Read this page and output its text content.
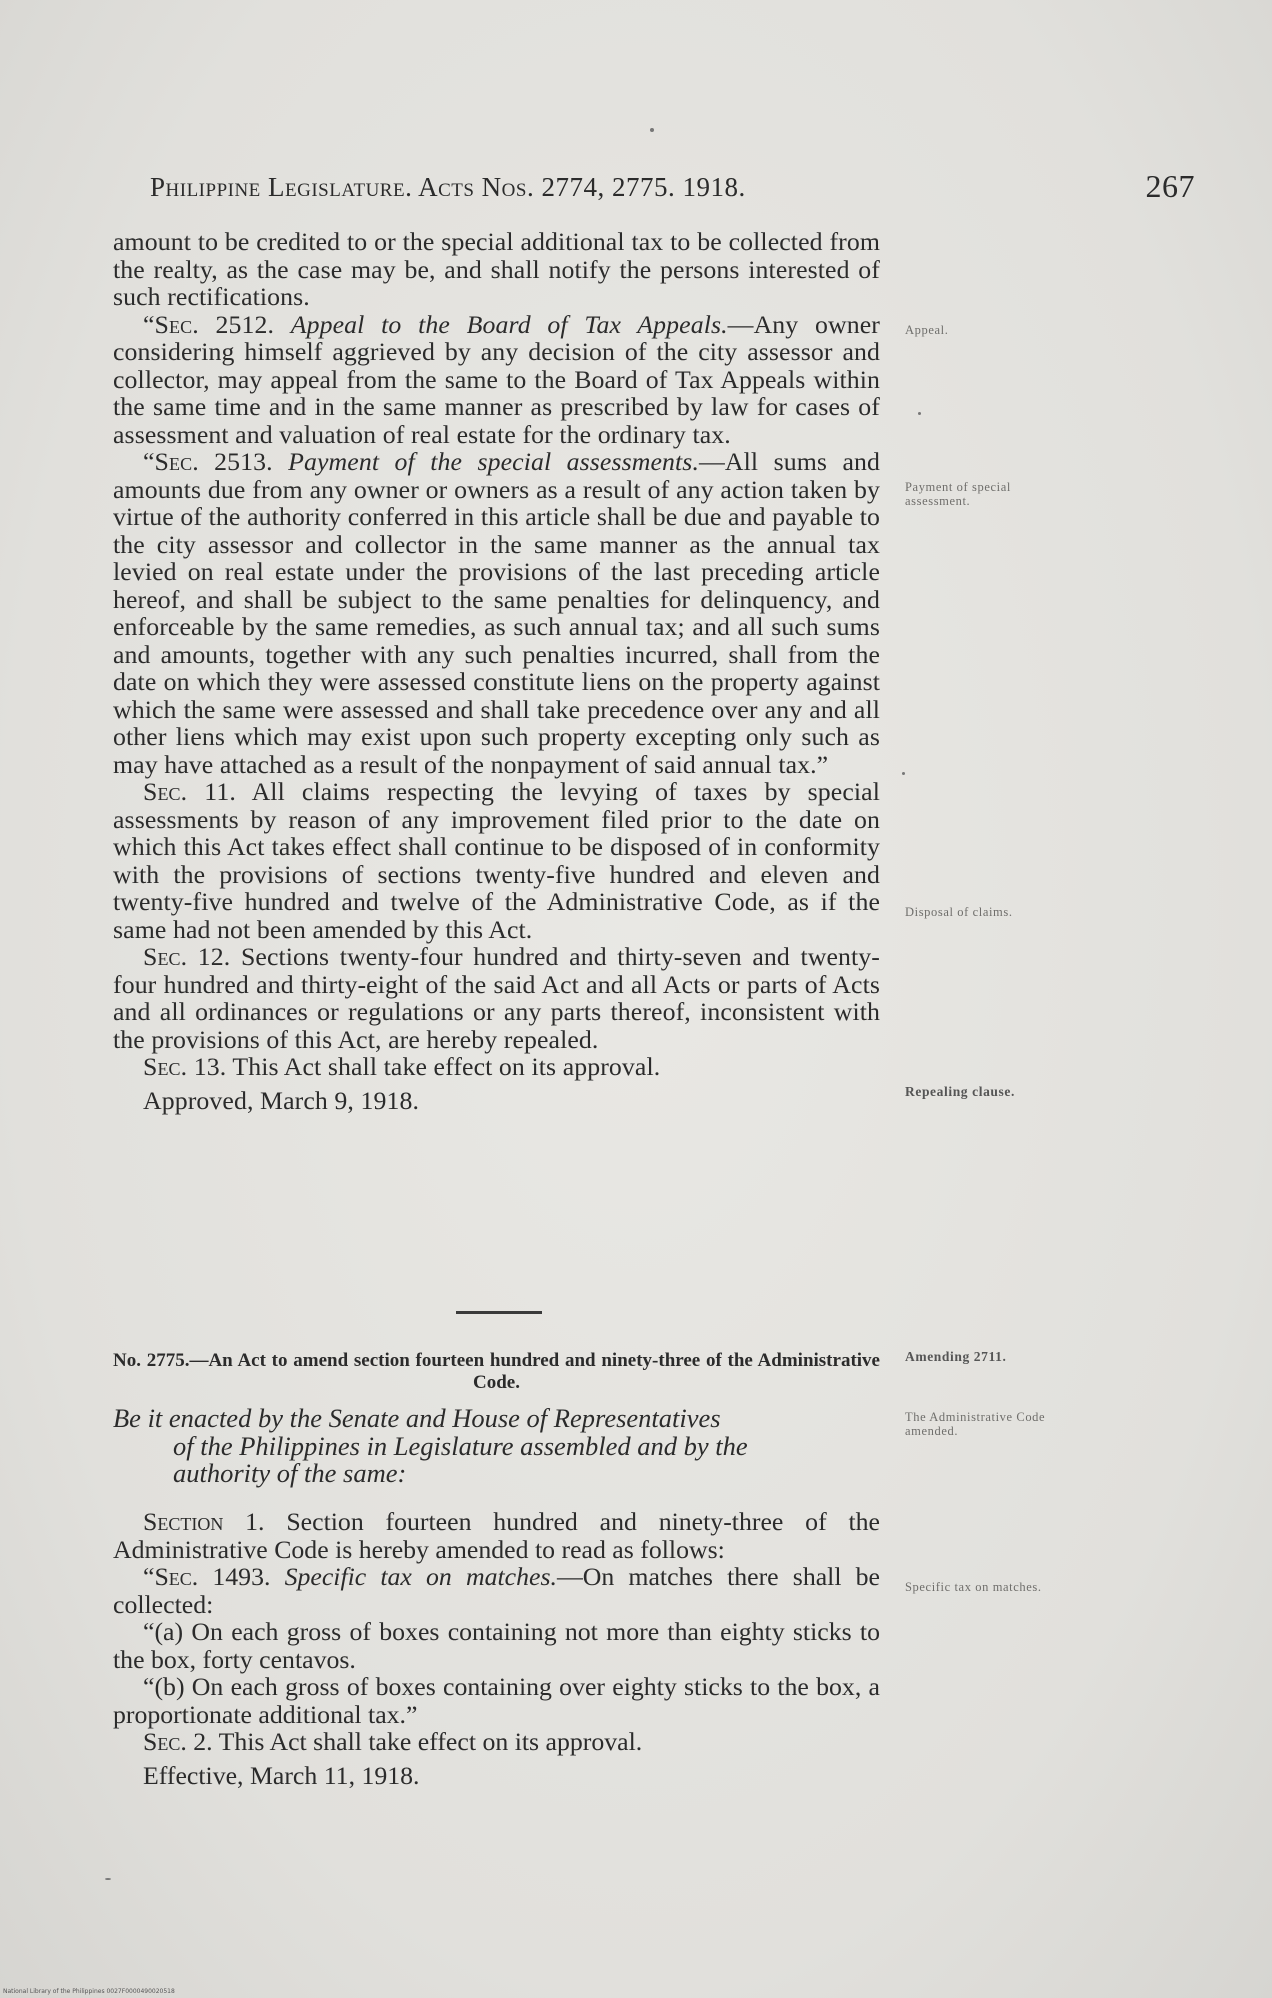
Philippine Legislature. Acts Nos. 2774, 2775. 1918.	267

amount to be credited to or the special additional tax to be collected from the realty, as the case may be, and shall notify the persons interested of such rectifications.

“Sec. 2512. Appeal to the Board of Tax Appeals.—Any owner considering himself aggrieved by any decision of the city assessor and collector, may appeal from the same to the Board of Tax Appeals within the same time and in the same manner as prescribed by law for cases of assessment and valuation of real estate for the ordinary tax.

“Sec. 2513. Payment of the special assessments.—All sums and amounts due from any owner or owners as a result of any action taken by virtue of the authority conferred in this article shall be due and payable to the city assessor and collector in the same manner as the annual tax levied on real estate under the provisions of the last preceding article hereof, and shall be subject to the same penalties for delinquency, and enforceable by the same remedies, as such annual tax; and all such sums and amounts, together with any such penalties incurred, shall from the date on which they were assessed constitute liens on the property against which the same were assessed and shall take precedence over any and all other liens which may exist upon such property excepting only such as may have attached as a result of the nonpayment of said annual tax.”

Sec. 11. All claims respecting the levying of taxes by special assessments by reason of any improvement filed prior to the date on which this Act takes effect shall continue to be disposed of in conformity with the provisions of sections twenty-five hundred and eleven and twenty-five hundred and twelve of the Administrative Code, as if the same had not been amended by this Act.

Sec. 12. Sections twenty-four hundred and thirty-seven and twenty-four hundred and thirty-eight of the said Act and all Acts or parts of Acts and all ordinances or regulations or any parts thereof, inconsistent with the provisions of this Act, are hereby repealed.

Sec. 13. This Act shall take effect on its approval.

Approved, March 9, 1918.

No. 2775.—An Act to amend section fourteen hundred and ninety-three of the Administrative Code.
Be it enacted by the Senate and House of Representatives
of the Philippines in Legislature assembled and by the
authority of the same:

Section 1. Section fourteen hundred and ninety-three of the Administrative Code is hereby amended to read as follows:

“Sec. 1493. Specific tax on matches.—On matches there shall be collected:

“(a) On each gross of boxes containing not more than eighty sticks to the box, forty centavos.

“(b) On each gross of boxes containing over eighty sticks to the box, a proportionate additional tax.”

Sec. 2. This Act shall take effect on its approval.

Effective, March 11, 1918.

Appeal.
Payment of special assessment.
Disposal of claims.
Repealing clause.
Amending 2711.
The Administrative Code amended.
Specific tax on matches.
National Library of the Philippines 0027F0000490020518
